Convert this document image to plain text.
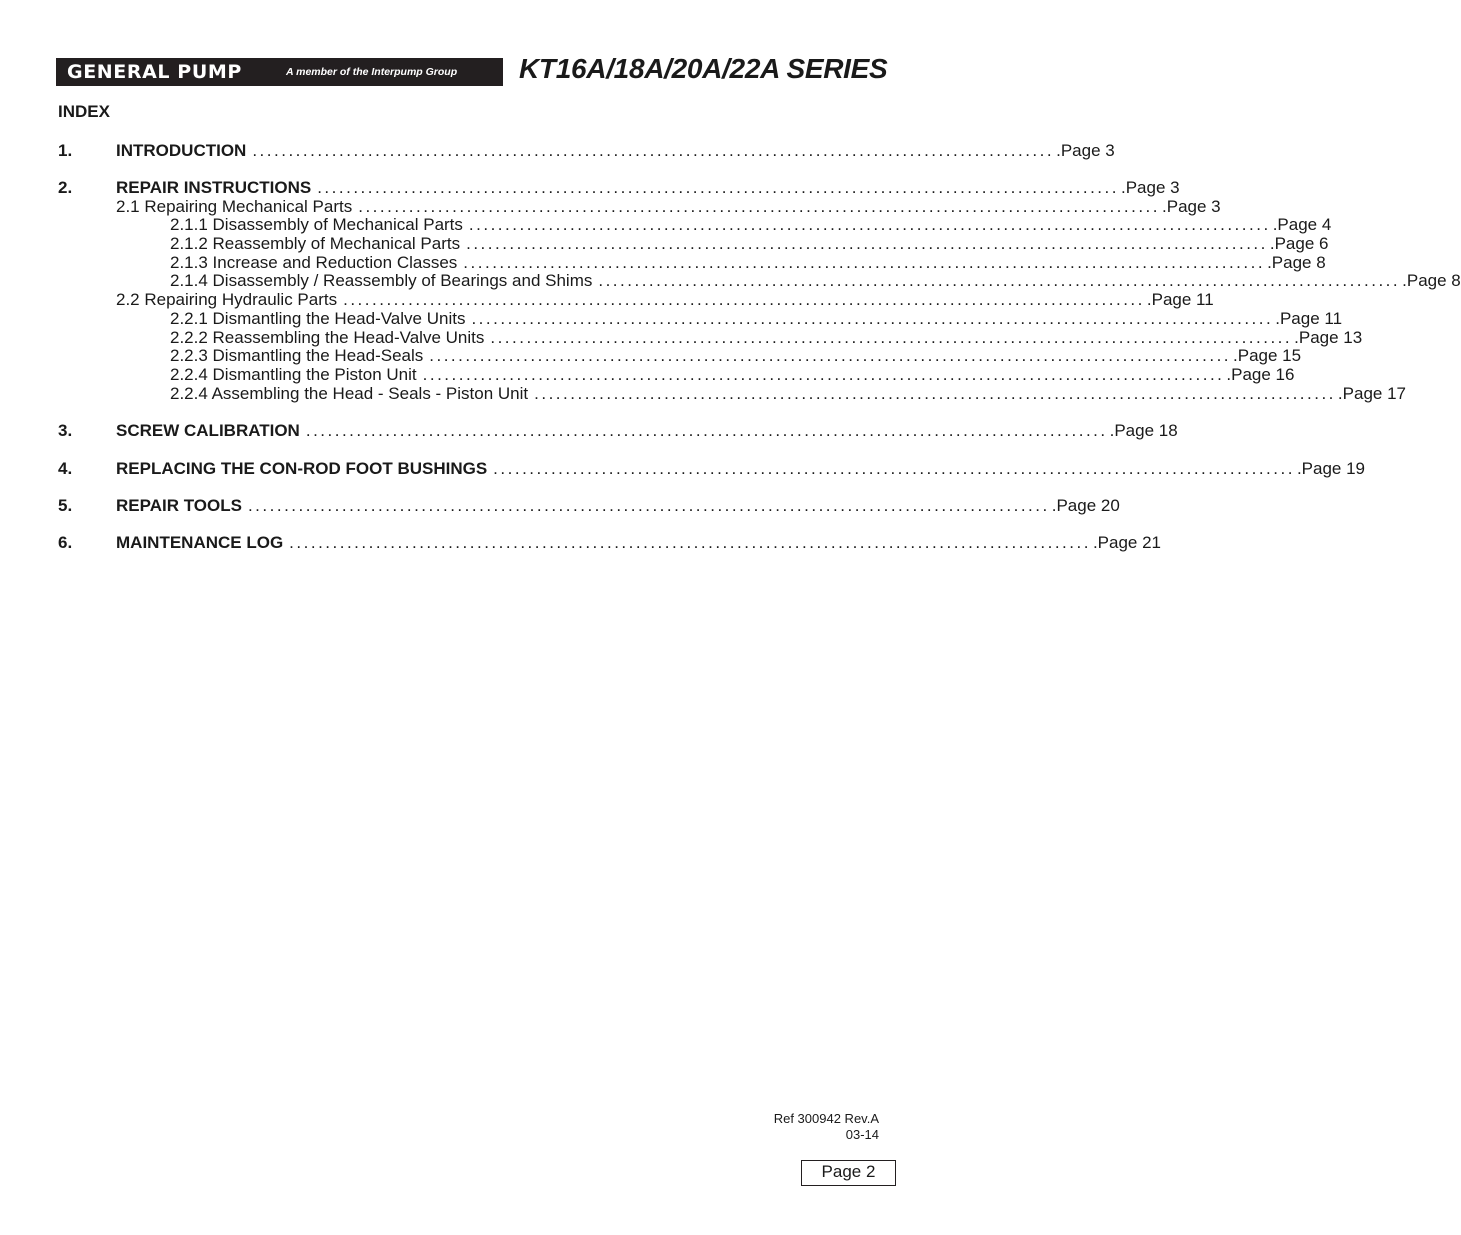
GENERAL PUMP	A member of the Interpump Group KT16A/18A/20A/22A SERIES
INDEX
1.	INTRODUCTION ............................................................................................................... .Page 3
2.	REPAIR INSTRUCTIONS ............................................................................................................... .Page 3
2.1 Repairing Mechanical Parts ............................................................................................................... .Page 3
2.1.1 Disassembly of Mechanical Parts ............................................................................................................... .Page 4
2.1.2 Reassembly of Mechanical Parts ............................................................................................................... .Page 6
2.1.3 Increase and Reduction Classes ............................................................................................................... .Page 8
2.1.4 Disassembly / Reassembly of Bearings and Shims ............................................................................................................... .Page 8
2.2 Repairing Hydraulic Parts ............................................................................................................... .Page 11
2.2.1 Dismantling the Head-Valve Units ............................................................................................................... .Page 11
2.2.2 Reassembling the Head-Valve Units ............................................................................................................... .Page 13
2.2.3 Dismantling the Head-Seals ............................................................................................................... .Page 15
2.2.4 Dismantling the Piston Unit ............................................................................................................... .Page 16
2.2.4 Assembling the Head - Seals - Piston Unit ............................................................................................................... .Page 17
3.	SCREW CALIBRATION ............................................................................................................... .Page 18
4.	REPLACING THE CON-ROD FOOT BUSHINGS ............................................................................................................... .Page 19
5.	REPAIR TOOLS ............................................................................................................... .Page 20
6.	MAINTENANCE LOG ............................................................................................................... .Page 21
Ref 300942 Rev.A
03-14
Page 2
